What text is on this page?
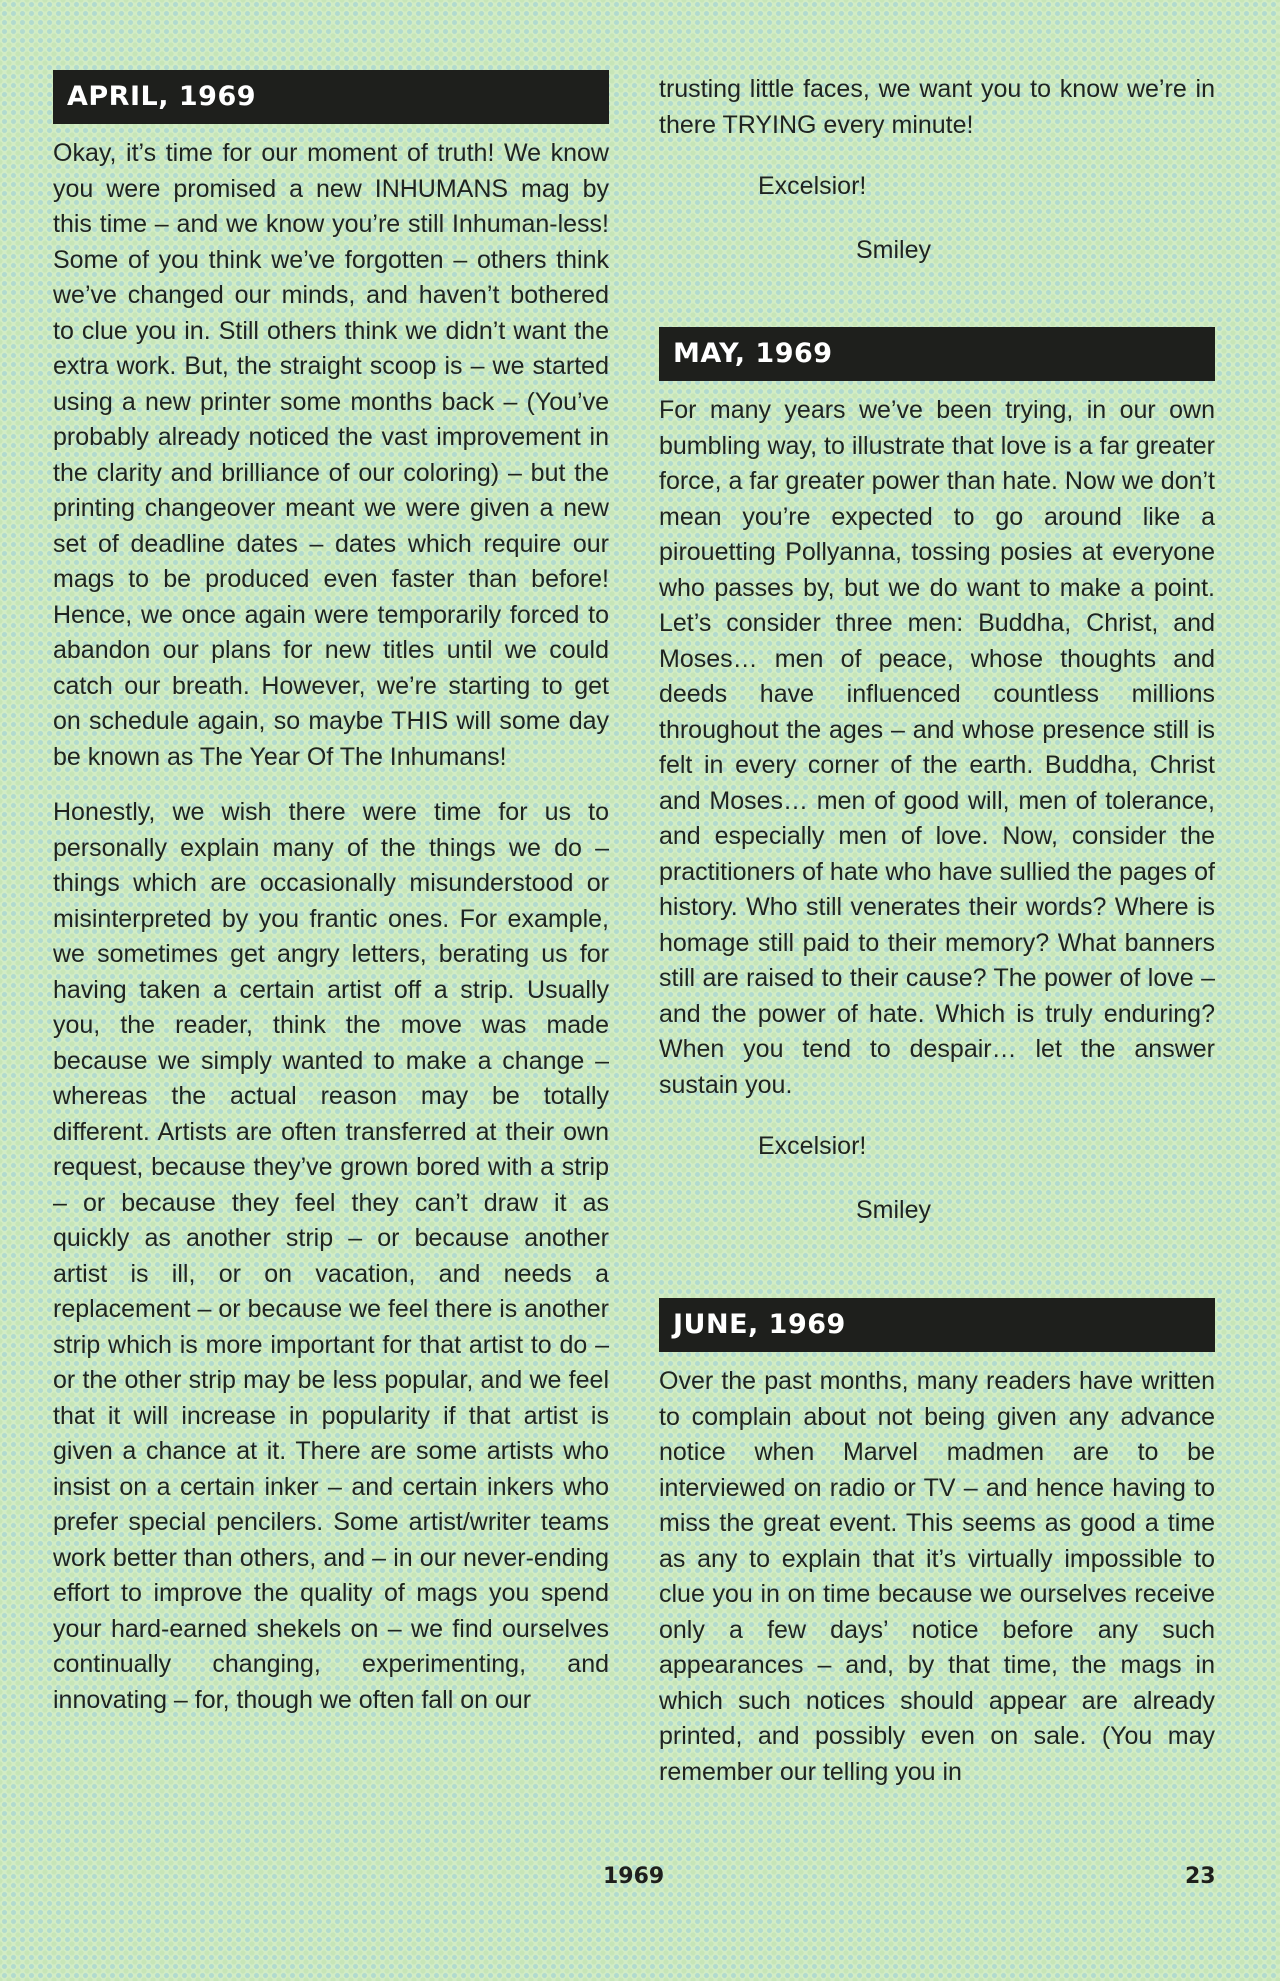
APRIL, 1969

Okay, it’s time for our moment of truth! We know you were promised a new INHUMANS mag by this time – and we know you’re still Inhuman-less! Some of you think we’ve forgotten – others think we’ve changed our minds, and haven’t bothered to clue you in. Still others think we didn’t want the extra work. But, the straight scoop is – we started using a new printer some months back – (You’ve probably already noticed the vast improvement in the clarity and brilliance of our coloring) – but the printing changeover meant we were given a new set of deadline dates – dates which require our mags to be produced even faster than before! Hence, we once again were temporarily forced to abandon our plans for new titles until we could catch our breath. However, we’re starting to get on schedule again, so maybe THIS will some day be known as The Year Of The Inhumans!

Honestly, we wish there were time for us to personally explain many of the things we do – things which are occasionally misunderstood or misinterpreted by you frantic ones. For example, we sometimes get angry letters, berating us for having taken a certain artist off a strip. Usually you, the reader, think the move was made because we simply wanted to make a change – whereas the actual reason may be totally different. Artists are often transferred at their own request, because they’ve grown bored with a strip – or because they feel they can’t draw it as quickly as another strip – or because another artist is ill, or on vacation, and needs a replacement – or because we feel there is another strip which is more important for that artist to do – or the other strip may be less popular, and we feel that it will increase in popularity if that artist is given a chance at it. There are some artists who insist on a certain inker – and certain inkers who prefer special pencilers. Some artist/writer teams work better than others, and – in our never-ending effort to improve the quality of mags you spend your hard-earned shekels on – we find ourselves continually changing, experimenting, and innovating – for, though we often fall on our

trusting little faces, we want you to know we’re in there TRYING every minute!

Excelsior!

Smiley

MAY, 1969

For many years we’ve been trying, in our own bumbling way, to illustrate that love is a far greater force, a far greater power than hate. Now we don’t mean you’re expected to go around like a pirouetting Pollyanna, tossing posies at everyone who passes by, but we do want to make a point. Let’s consider three men: Buddha, Christ, and Moses… men of peace, whose thoughts and deeds have influenced countless millions throughout the ages – and whose presence still is felt in every corner of the earth. Buddha, Christ and Moses… men of good will, men of tolerance, and especially men of love. Now, consider the practitioners of hate who have sullied the pages of history. Who still venerates their words? Where is homage still paid to their memory? What banners still are raised to their cause? The power of love – and the power of hate. Which is truly enduring? When you tend to despair… let the answer sustain you.

Excelsior!

Smiley

JUNE, 1969

Over the past months, many readers have written to complain about not being given any advance notice when Marvel madmen are to be interviewed on radio or TV – and hence having to miss the great event. This seems as good a time as any to explain that it’s virtually impossible to clue you in on time because we ourselves receive only a few days’ notice before any such appearances – and, by that time, the mags in which such notices should appear are already printed, and possibly even on sale. (You may remember our telling you in

1969	23
